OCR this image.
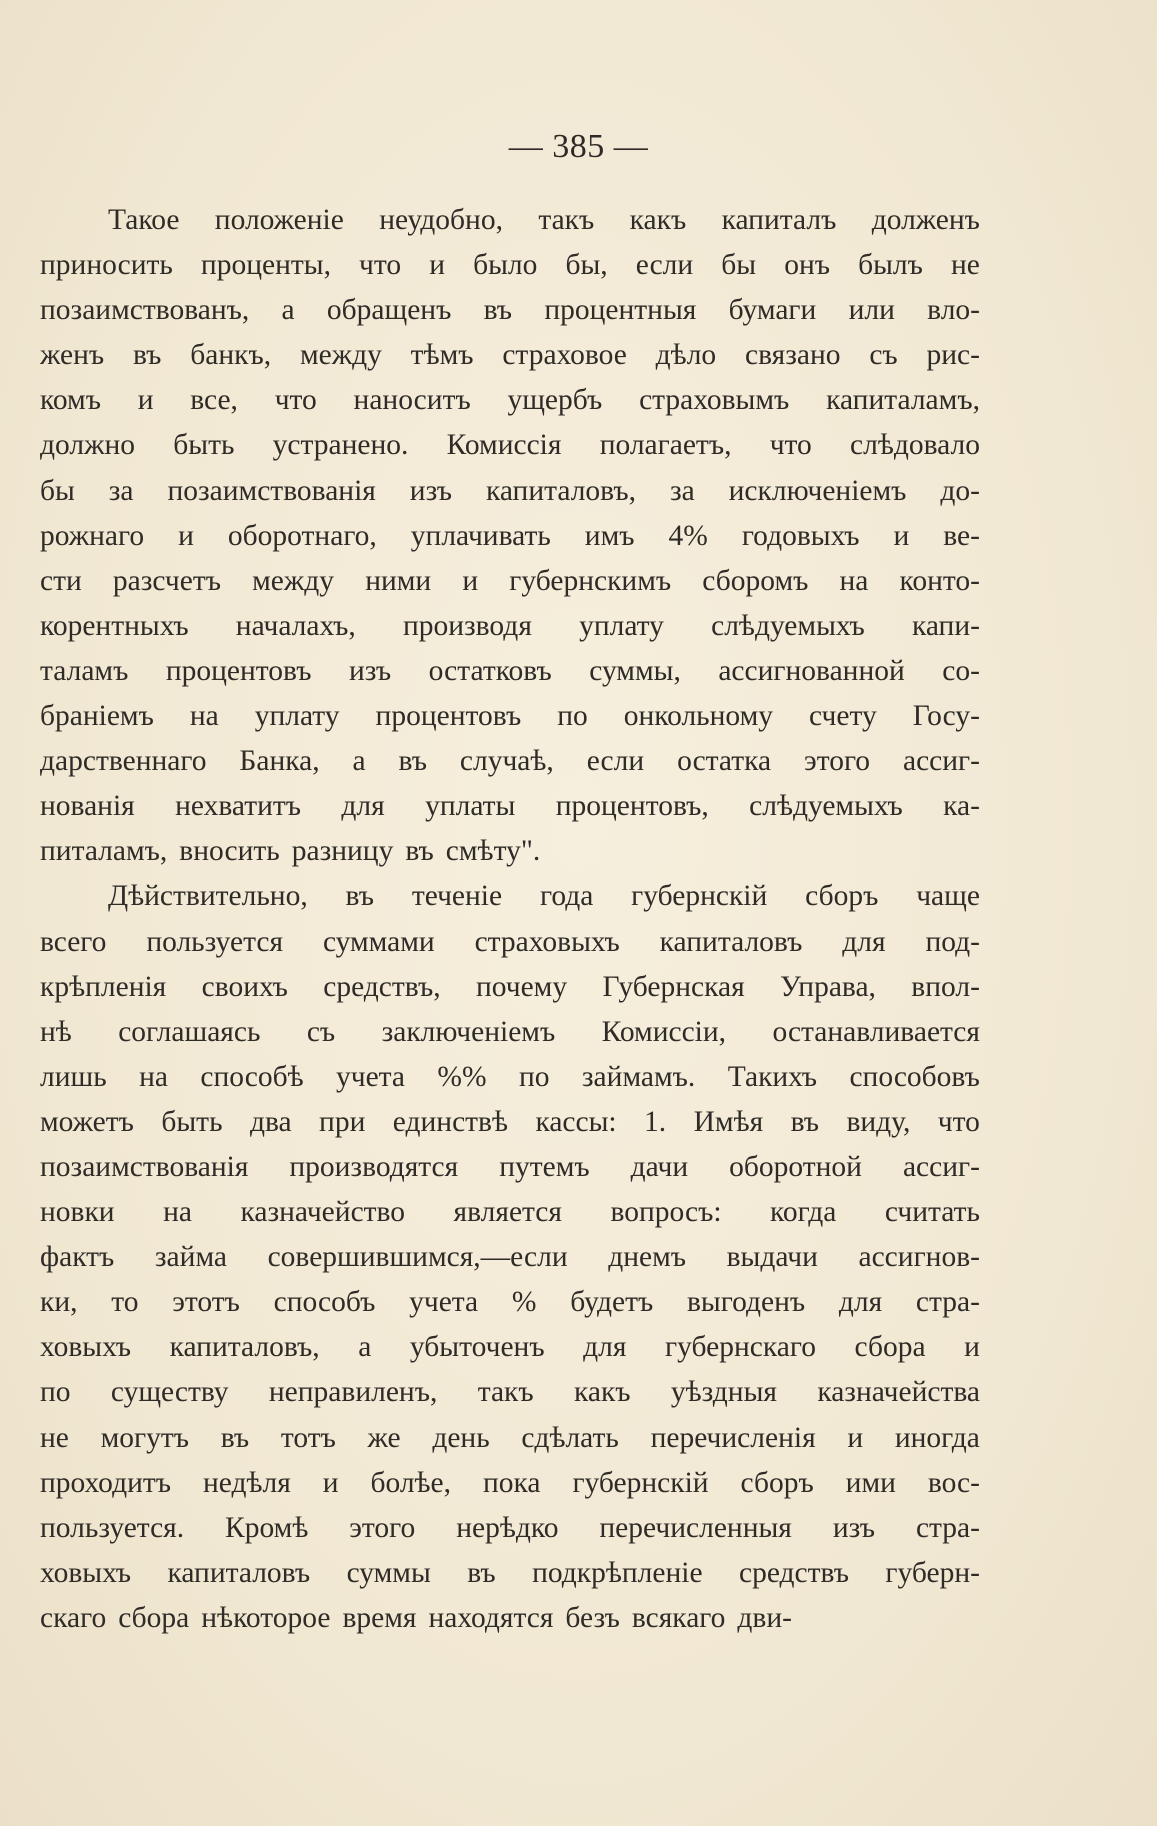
— 385 —
Такое положеніе неудобно, такъ какъ капиталъ долженъ
приносить проценты, что и было бы, если бы онъ былъ не
позаимствованъ, а обращенъ въ процентныя бумаги или вло-
женъ въ банкъ, между тѣмъ страховое дѣло связано съ рис-
комъ и все, что наноситъ ущербъ страховымъ капиталамъ,
должно быть устранено. Комиссія полагаетъ, что слѣдовало
бы за позаимствованія изъ капиталовъ, за исключеніемъ до-
рожнаго и оборотнаго, уплачивать имъ 4% годовыхъ и ве-
сти разсчетъ между ними и губернскимъ сборомъ на конто-
корентныхъ началахъ, производя уплату слѣдуемыхъ капи-
таламъ процентовъ изъ остатковъ суммы, ассигнованной со-
браніемъ на уплату процентовъ по онкольному счету Госу-
дарственнаго Банка, а въ случаѣ, если остатка этого ассиг-
нованія нехватитъ для уплаты процентовъ, слѣдуемыхъ ка-
питаламъ, вносить разницу въ смѣту".
Дѣйствительно, въ теченіе года губернскій сборъ чаще
всего пользуется суммами страховыхъ капиталовъ для под-
крѣпленія своихъ средствъ, почему Губернская Управа, впол-
нѣ соглашаясь съ заключеніемъ Комиссіи, останавливается
лишь на способѣ учета %% по займамъ. Такихъ способовъ
можетъ быть два при единствѣ кассы: 1. Имѣя въ виду, что
позаимствованія производятся путемъ дачи оборотной ассиг-
новки на казначейство является вопросъ: когда считать
фактъ займа совершившимся,—если днемъ выдачи ассигнов-
ки, то этотъ способъ учета % будетъ выгоденъ для стра-
ховыхъ капиталовъ, а убыточенъ для губернскаго сбора и
по существу неправиленъ, такъ какъ уѣздныя казначейства
не могутъ въ тотъ же день сдѣлать перечисленія и иногда
проходитъ недѣля и болѣе, пока губернскій сборъ ими вос-
пользуется. Кромѣ этого нерѣдко перечисленныя изъ стра-
ховыхъ капиталовъ суммы въ подкрѣпленіе средствъ губерн-
скаго сбора нѣкоторое время находятся безъ всякаго дви-
